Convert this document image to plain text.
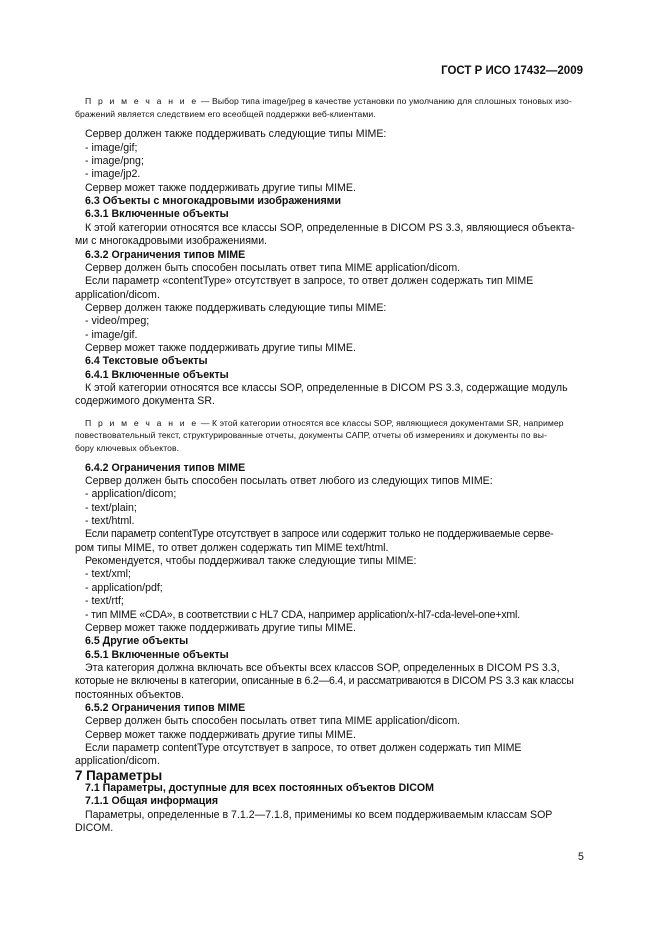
ГОСТ Р ИСО 17432—2009
П р и м е ч а н и е — Выбор типа image/jpeg в качестве установки по умолчанию для сплошных тоновых изо-
бражений является следствием его всеобщей поддержки веб-клиентами.

Сервер должен также поддерживать следующие типы MIME:

- image/gif;

- image/png;

- image/jp2.

Сервер может также поддерживать другие типы MIME.

6.3 Объекты с многокадровыми изображениями

6.3.1 Включенные объекты

К этой категории относятся все классы SOP, определенные в DICOM PS 3.3, являющиеся объекта-

ми с многокадровыми изображениями.

6.3.2 Ограничения типов MIME

Сервер должен быть способен посылать ответ типа MIME application/dicom.

Если параметр «contentType» отсутствует в запросе, то ответ должен содержать тип MIME

application/dicom.

Сервер должен также поддерживать следующие типы MIME:

- video/mpeg;

- image/gif.

Сервер может также поддерживать другие типы MIME.

6.4 Текстовые объекты

6.4.1 Включенные объекты

К этой категории относятся все классы SOP, определенные в DICOM PS 3.3, содержащие модуль

содержимого документа SR.

П р и м е ч а н и е — К этой категории относятся все классы SOP, являющиеся документами SR, например
повествовательный текст, структурированные отчеты, документы САПР, отчеты об измерениях и документы по вы-
бору ключевых объектов.

6.4.2 Ограничения типов MIME

Сервер должен быть способен посылать ответ любого из следующих типов MIME:

- application/dicom;

- text/plain;

- text/html.

Если параметр contentType отсутствует в запросе или содержит только не поддерживаемые серве-

ром типы MIME, то ответ должен содержать тип MIME text/html.

Рекомендуется, чтобы поддерживал также следующие типы MIME:

- text/xml;

- application/pdf;

- text/rtf;

- тип MIME «CDA», в соответствии с HL7 CDA, например application/x-hl7-cda-level-one+xml.

Сервер может также поддерживать другие типы MIME.

6.5 Другие объекты

6.5.1 Включенные объекты

Эта категория должна включать все объекты всех классов SOP, определенных в DICOM PS 3.3,

которые не включены в категории, описанные в 6.2—6.4, и рассматриваются в DICOM PS 3.3 как классы

постоянных объектов.

6.5.2 Ограничения типов MIME

Сервер должен быть способен посылать ответ типа MIME application/dicom.

Сервер может также поддерживать другие типы MIME.

Если параметр contentType отсутствует в запросе, то ответ должен содержать тип MIME

application/dicom.

7 Параметры

7.1 Параметры, доступные для всех постоянных объектов DICOM

7.1.1 Общая информация

Параметры, определенные в 7.1.2—7.1.8, применимы ко всем поддерживаемым классам SOP

DICOM.

5
